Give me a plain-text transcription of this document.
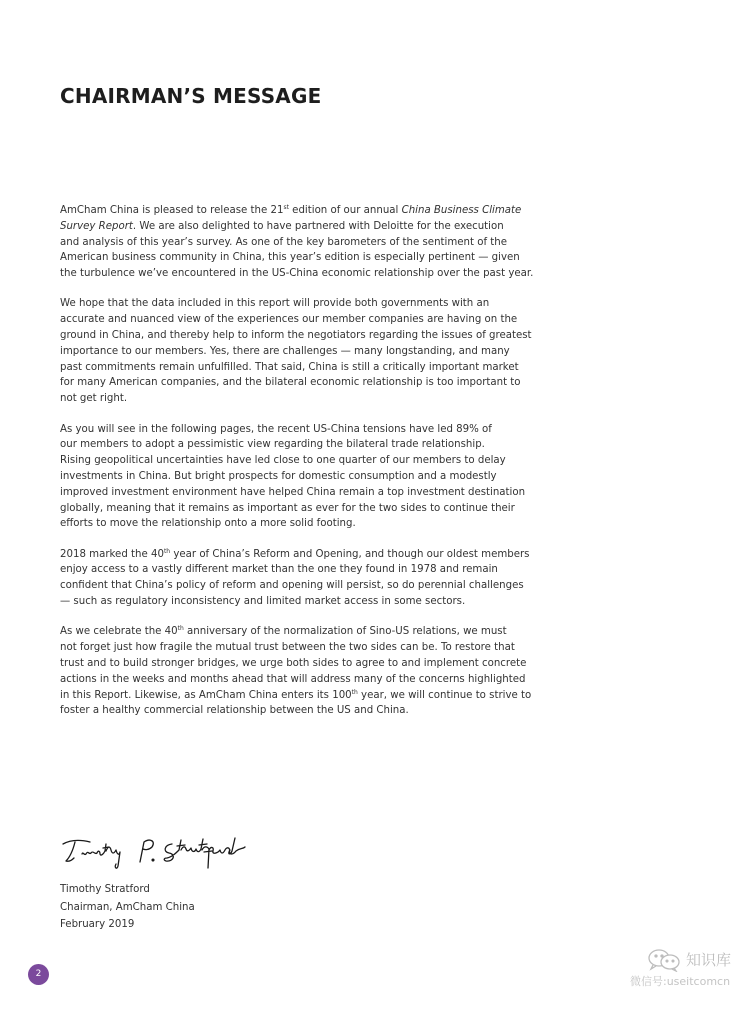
CHAIRMAN’S MESSAGE

AmCham China is pleased to release the 21st edition of our annual China Business Climate
Survey Report. We are also delighted to have partnered with Deloitte for the execution
and analysis of this year’s survey. As one of the key barometers of the sentiment of the
American business community in China, this year’s edition is especially pertinent — given
the turbulence we’ve encountered in the US-China economic relationship over the past year.

We hope that the data included in this report will provide both governments with an
accurate and nuanced view of the experiences our member companies are having on the
ground in China, and thereby help to inform the negotiators regarding the issues of greatest
importance to our members. Yes, there are challenges — many longstanding, and many
past commitments remain unfulfilled. That said, China is still a critically important market
for many American companies, and the bilateral economic relationship is too important to
not get right.

As you will see in the following pages, the recent US-China tensions have led 89% of
our members to adopt a pessimistic view regarding the bilateral trade relationship.
Rising geopolitical uncertainties have led close to one quarter of our members to delay
investments in China. But bright prospects for domestic consumption and a modestly
improved investment environment have helped China remain a top investment destination
globally, meaning that it remains as important as ever for the two sides to continue their
efforts to move the relationship onto a more solid footing.

2018 marked the 40th year of China’s Reform and Opening, and though our oldest members
enjoy access to a vastly different market than the one they found in 1978 and remain
confident that China’s policy of reform and opening will persist, so do perennial challenges
— such as regulatory inconsistency and limited market access in some sectors.

As we celebrate the 40th anniversary of the normalization of Sino-US relations, we must
not forget just how fragile the mutual trust between the two sides can be. To restore that
trust and to build stronger bridges, we urge both sides to agree to and implement concrete
actions in the weeks and months ahead that will address many of the concerns highlighted
in this Report. Likewise, as AmCham China enters its 100th year, we will continue to strive to
foster a healthy commercial relationship between the US and China.

Timothy Stratford
Chairman, AmCham China
February 2019
2
知识库
微信号:useitcomcn
